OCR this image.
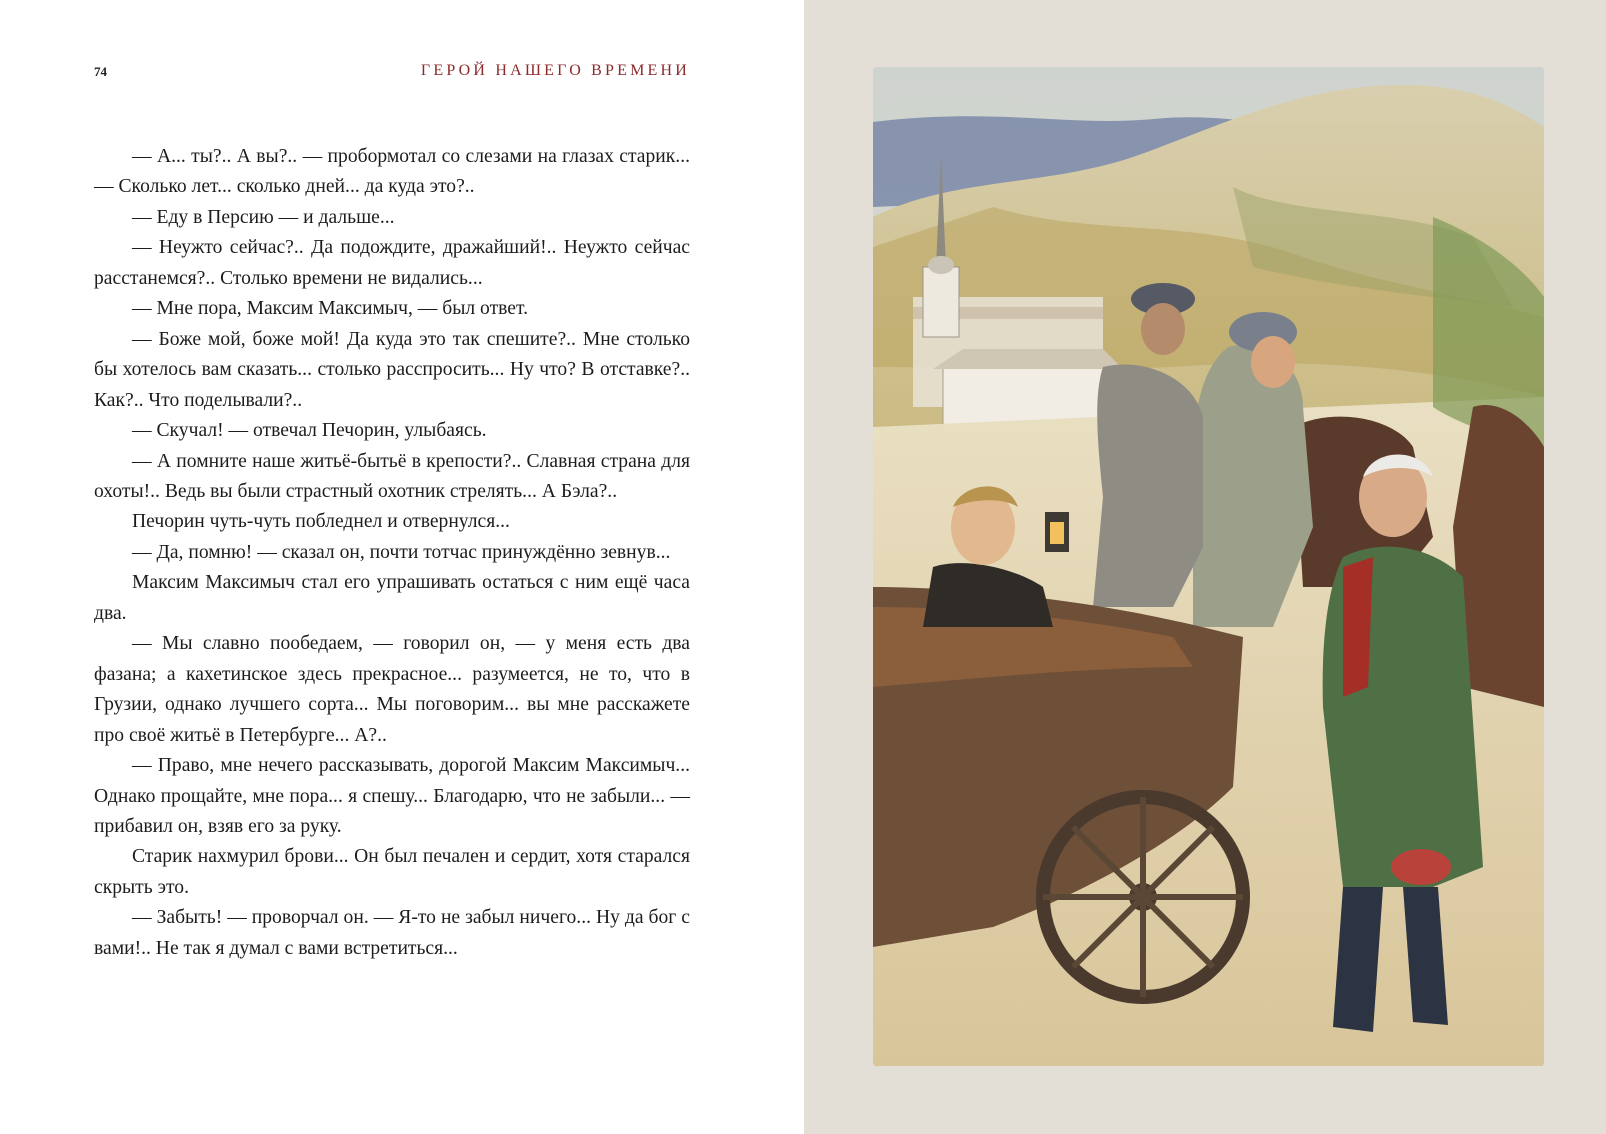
74	ГЕРОЙ НАШЕГО ВРЕМЕНИ

— А... ты?.. А вы?.. — пробормотал со слезами на глазах старик... — Сколько лет... сколько дней... да куда это?..

— Еду в Персию — и дальше...

— Неужто сейчас?.. Да подождите, дражайший!.. Неужто сейчас расстанемся?.. Столько времени не видались...

— Мне пора, Максим Максимыч, — был ответ.

— Боже мой, боже мой! Да куда это так спешите?.. Мне столько бы хотелось вам сказать... столько расспросить... Ну что? В отставке?.. Как?.. Что поделывали?..

— Скучал! — отвечал Печорин, улыбаясь.

— А помните наше житьё-бытьё в крепости?.. Славная страна для охоты!.. Ведь вы были страстный охотник стрелять... А Бэла?..

Печорин чуть-чуть побледнел и отвернулся...

— Да, помню! — сказал он, почти тотчас принуждённо зевнув...

Максим Максимыч стал его упрашивать остаться с ним ещё часа два.

— Мы славно пообедаем, — говорил он, — у меня есть два фазана; а кахетинское здесь прекрасное... разумеется, не то, что в Грузии, однако лучшего сорта... Мы поговорим... вы мне расскажете про своё житьё в Петербурге... А?..

— Право, мне нечего рассказывать, дорогой Максим Максимыч... Однако прощайте, мне пора... я спешу... Благодарю, что не забыли... — прибавил он, взяв его за руку.

Старик нахмурил брови... Он был печален и сердит, хотя старался скрыть это.

— Забыть! — проворчал он. — Я-то не забыл ничего... Ну да бог с вами!.. Не так я думал с вами встретиться...
